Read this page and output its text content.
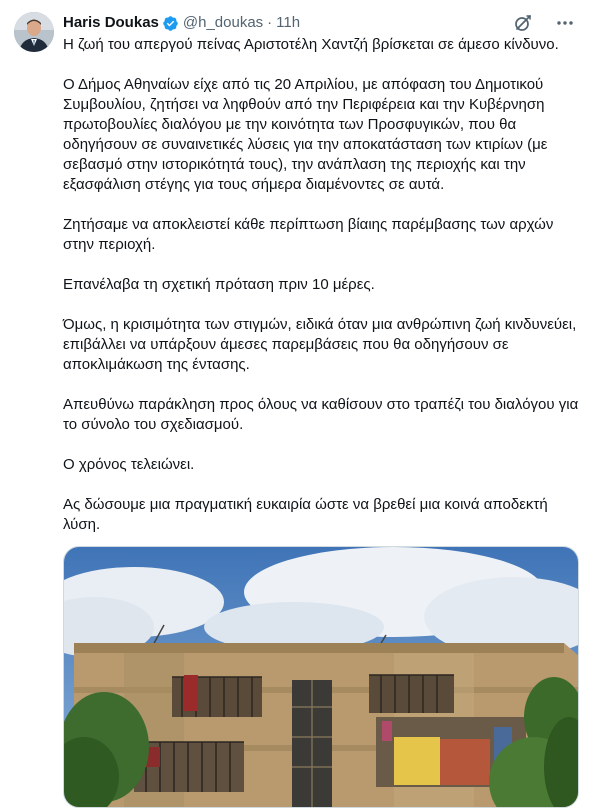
Haris Doukas @h_doukas · 11h

Η ζωή του απεργού πείνας Αριστοτέλη Χαντζή βρίσκεται σε άμεσο κίνδυνο.

Ο Δήμος Αθηναίων είχε από τις 20 Απριλίου, με απόφαση του Δημοτικού Συμβουλίου, ζητήσει να ληφθούν από την Περιφέρεια και την Κυβέρνηση πρωτοβουλίες διαλόγου με την κοινότητα των Προσφυγικών, που θα οδηγήσουν σε συναινετικές λύσεις για την αποκατάσταση των κτιρίων (με σεβασμό στην ιστορικότητά τους), την ανάπλαση της περιοχής και την εξασφάλιση στέγης για τους σήμερα διαμένοντες σε αυτά.

Ζητήσαμε να αποκλειστεί κάθε περίπτωση βίαιης παρέμβασης των αρχών στην περιοχή.

Επανέλαβα τη σχετική πρόταση πριν 10 μέρες.

Όμως, η κρισιμότητα των στιγμών, ειδικά όταν μια ανθρώπινη ζωή κινδυνεύει, επιβάλλει να υπάρξουν άμεσες παρεμβάσεις που θα οδηγήσουν σε αποκλιμάκωση της έντασης.

Απευθύνω παράκληση προς όλους να καθίσουν στο τραπέζι του διαλόγου για το σύνολο του σχεδιασμού.

Ο χρόνος τελειώνει.

Ας δώσουμε μια πραγματική ευκαιρία ώστε να βρεθεί μια κοινά αποδεκτή λύση.
